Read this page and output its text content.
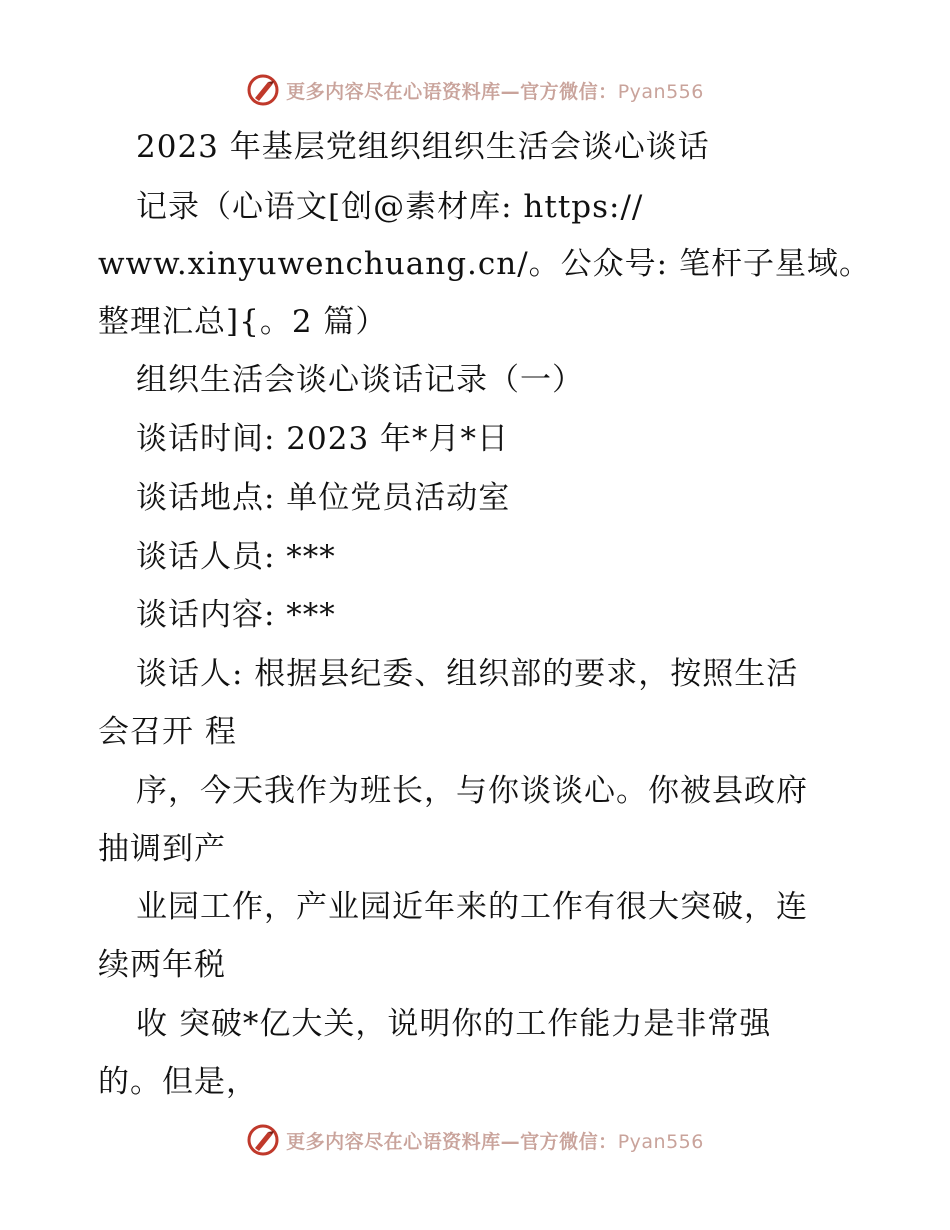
更多内容尽在心语资料库—官方微信：Pyan556
2023 年基层党组织组织生活会谈心谈话
记录（心语文[创@素材库: https://
www.xinyuwenchuang.cn/。公众号: 笔杆子星域。
整理汇总]{。2 篇）
组织生活会谈心谈话记录（一）
谈话时间: 2023 年*月*日
谈话地点: 单位党员活动室
谈话人员: ***
谈话内容: ***
谈话人: 根据县纪委、组织部的要求，按照生活
会召开 程
序，今天我作为班长，与你谈谈心。你被县政府
抽调到产
业园工作，产业园近年来的工作有很大突破，连
续两年税
收 突破*亿大关，说明你的工作能力是非常强
的。但是，
更多内容尽在心语资料库—官方微信：Pyan556
